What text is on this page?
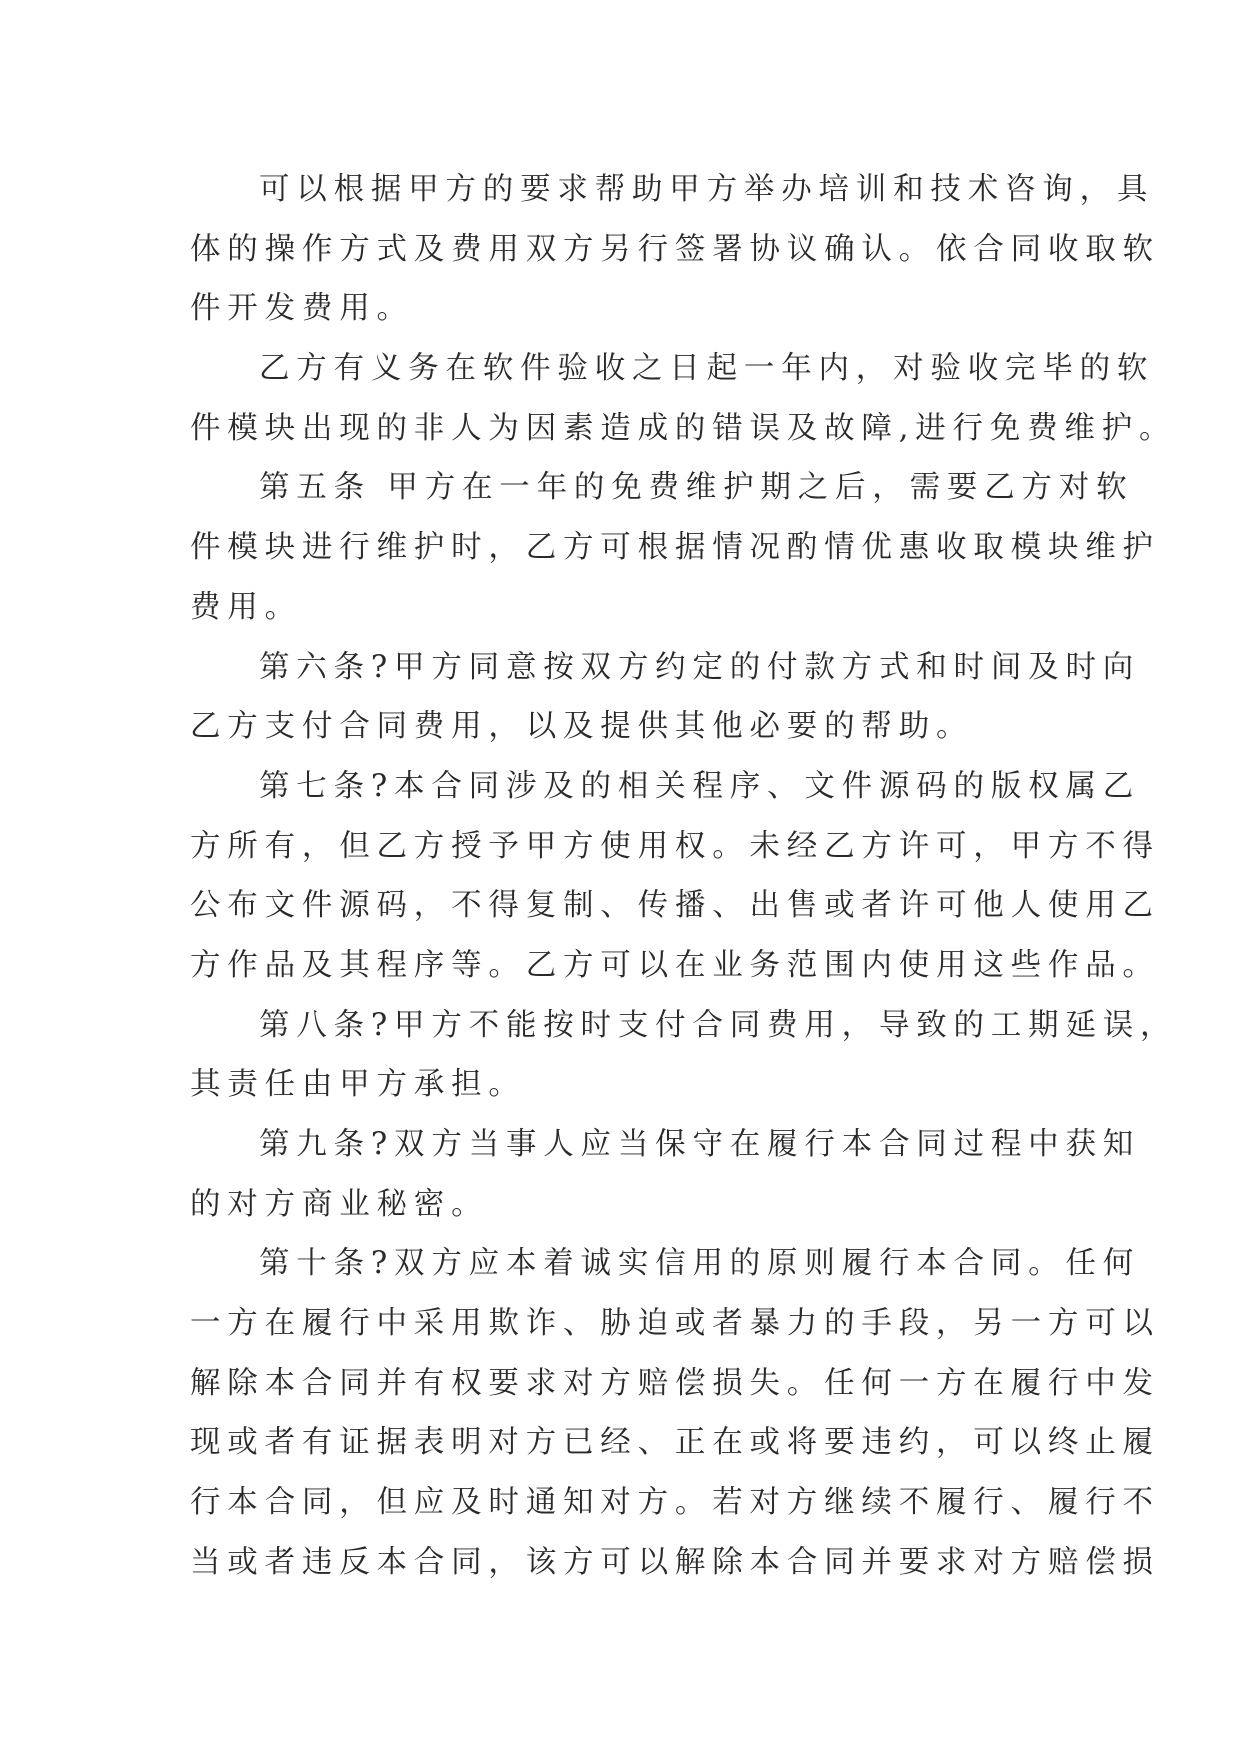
可以根据甲方的要求帮助甲方举办培训和技术咨询，具
体的操作方式及费用双方另行签署协议确认。依合同收取软
件开发费用。
乙方有义务在软件验收之日起一年内，对验收完毕的软
件模块出现的非人为因素造成的错误及故障,进行免费维护。
第五条 甲方在一年的免费维护期之后，需要乙方对软
件模块进行维护时，乙方可根据情况酌情优惠收取模块维护
费用。
第六条?甲方同意按双方约定的付款方式和时间及时向
乙方支付合同费用，以及提供其他必要的帮助。
第七条?本合同涉及的相关程序、文件源码的版权属乙
方所有，但乙方授予甲方使用权。未经乙方许可，甲方不得
公布文件源码，不得复制、传播、出售或者许可他人使用乙
方作品及其程序等。乙方可以在业务范围内使用这些作品。
第八条?甲方不能按时支付合同费用，导致的工期延误，
其责任由甲方承担。
第九条?双方当事人应当保守在履行本合同过程中获知
的对方商业秘密。
第十条?双方应本着诚实信用的原则履行本合同。任何
一方在履行中采用欺诈、胁迫或者暴力的手段，另一方可以
解除本合同并有权要求对方赔偿损失。任何一方在履行中发
现或者有证据表明对方已经、正在或将要违约，可以终止履
行本合同，但应及时通知对方。若对方继续不履行、履行不
当或者违反本合同，该方可以解除本合同并要求对方赔偿损
